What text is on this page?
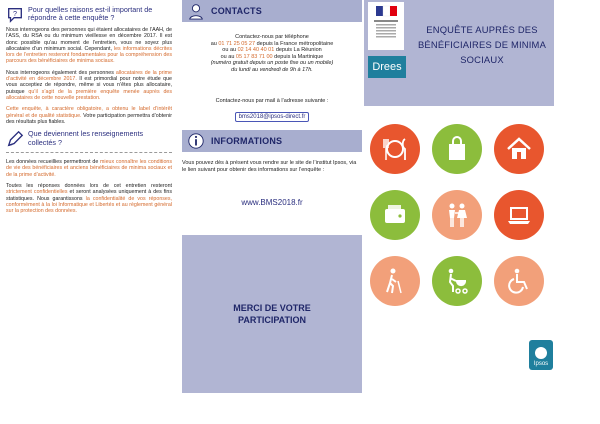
? Pour quelles raisons est-il important de répondre à cette enquête ?

Nous interrogeons des personnes qui étaient allocataires de l’AAH, de l’ASS, du RSA ou du minimum vieillesse en décembre 2017. Il est donc possible qu’au moment de l’entretien, vous ne soyez plus allocataire d’un minimum social. Cependant, les informations décrites lors de l’entretien resteront fondamentales pour la compréhension des parcours des bénéficiaires de minima sociaux.

Nous interrogeons également des personnes allocataires de la prime d’activité en décembre 2017. Il est primordial pour notre étude que vous acceptiez de répondre, même si vous n’êtes plus allocataire, puisque qu’il s’agit de la première enquête menée auprès des allocataires de cette nouvelle prestation.

Cette enquête, à caractère obligatoire, a obtenu le label d’intérêt général et de qualité statistique. Votre participation permettra d’obtenir des résultats plus fiables.

Que deviennent les renseignements collectés ?

Les données recueillies permettront de mieux connaître les conditions de vie des bénéficiaires et anciens bénéficiaires de minima sociaux et de la prime d’activité.

Toutes les réponses données lors de cet entretien resteront strictement confidentielles et seront analysées uniquement à des fins statistiques. Nous garantissons la confidentialité de vos réponses, conformément à la loi Informatique et Libertés et au règlement général sur la protection des données.

CONTACTS

Contactez-nous par téléphone

au 01 71 25 05 27 depuis la France métropolitaine

ou au 02 14 40 40 01 depuis La Réunion

ou au 05 17 83 71 00 depuis la Martinique

(numéro gratuit depuis un poste fixe ou un mobile)

du lundi au vendredi de 9h à 17h.

Contactez-nous par mail à l’adresse suivante :

bms2018@ipsos-direct.fr
INFORMATIONS

Vous pouvez dès à présent vous rendre sur le site de l’institut Ipsos, via le lien suivant pour obtenir des informations sur l’enquête :

www.BMS2018.fr

MERCI DE VOTRE PARTICIPATION
Drees
ENQUÊTE AUPRÈS DES BÉNÉFICIAIRES DE MINIMA SOCIAUX
Ipsos
